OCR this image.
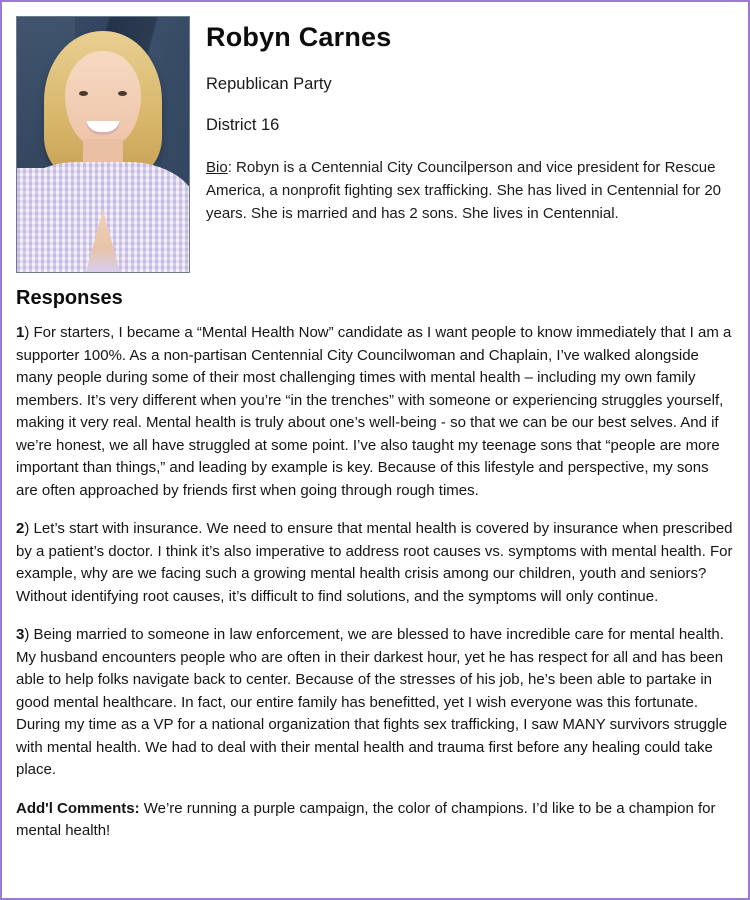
Robyn Carnes

Republican Party

District 16

Bio: Robyn is a Centennial City Councilperson and vice president for Rescue America, a nonprofit fighting sex trafficking. She has lived in Centennial for 20 years. She is married and has 2 sons. She lives in Centennial.

Responses

1) For starters, I became a “Mental Health Now” candidate as I want people to know immediately that I am a supporter 100%. As a non-partisan Centennial City Councilwoman and Chaplain, I’ve walked alongside many people during some of their most challenging times with mental health – including my own family members. It’s very different when you’re “in the trenches” with someone or experiencing struggles yourself, making it very real. Mental health is truly about one’s well-being - so that we can be our best selves. And if we’re honest, we all have struggled at some point. I’ve also taught my teenage sons that “people are more important than things,” and leading by example is key. Because of this lifestyle and perspective, my sons are often approached by friends first when going through rough times.

2) Let’s start with insurance. We need to ensure that mental health is covered by insurance when prescribed by a patient’s doctor. I think it’s also imperative to address root causes vs. symptoms with mental health. For example, why are we facing such a growing mental health crisis among our children, youth and seniors? Without identifying root causes, it’s difficult to find solutions, and the symptoms will only continue.

3) Being married to someone in law enforcement, we are blessed to have incredible care for mental health. My husband encounters people who are often in their darkest hour, yet he has respect for all and has been able to help folks navigate back to center. Because of the stresses of his job, he’s been able to partake in good mental healthcare. In fact, our entire family has benefitted, yet I wish everyone was this fortunate. During my time as a VP for a national organization that fights sex trafficking, I saw MANY survivors struggle with mental health. We had to deal with their mental health and trauma first before any healing could take place.

Add'l Comments: We’re running a purple campaign, the color of champions. I’d like to be a champion for mental health!
